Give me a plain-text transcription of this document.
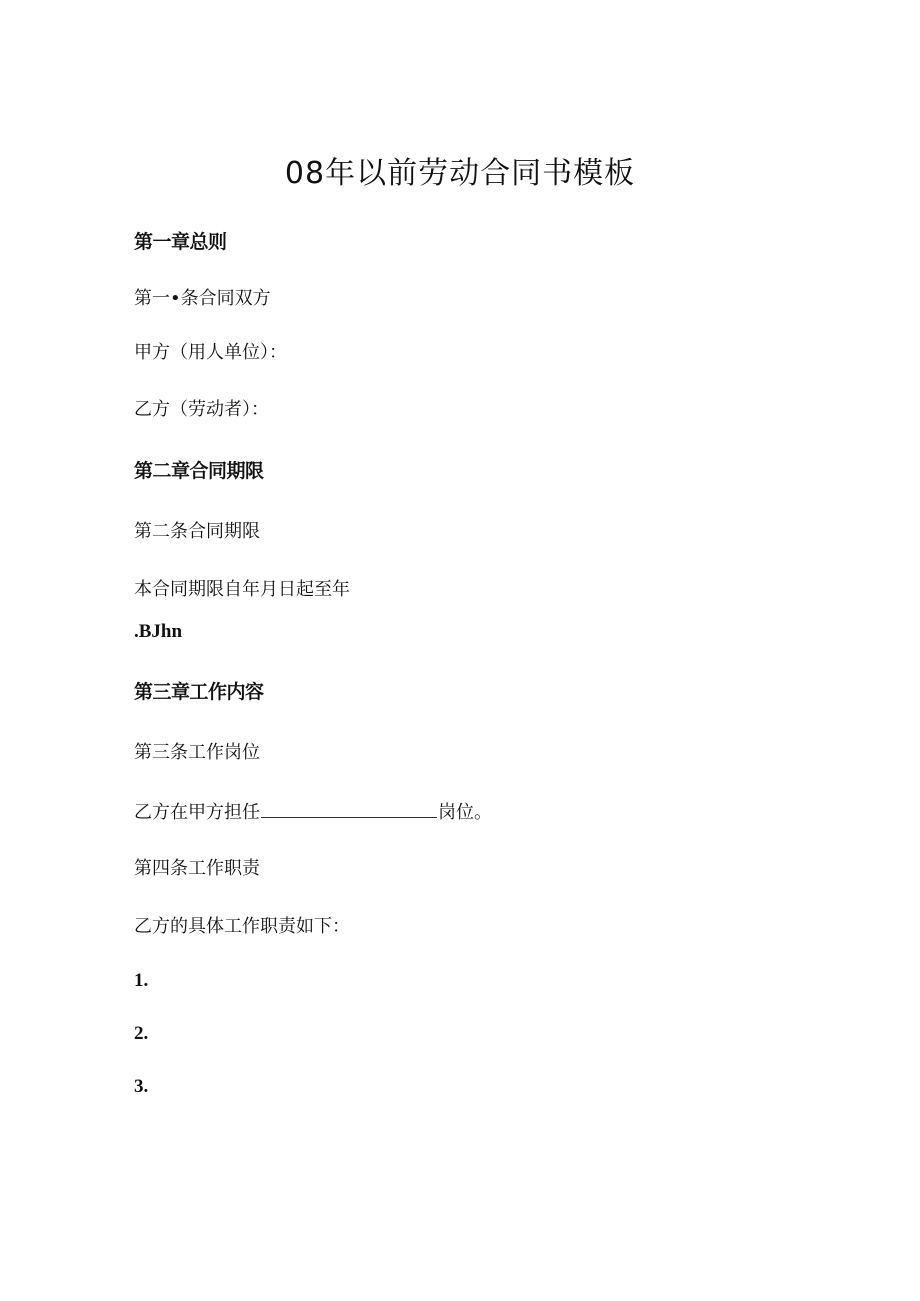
08年以前劳动合同书模板
第一章总则
第一•条合同双方
甲方（用人单位）：
乙方（劳动者）：
第二章合同期限
第二条合同期限
本合同期限自年月日起至年
.BJhn
第三章工作内容
第三条工作岗位
乙方在甲方担任	岗位。
第四条工作职责
乙方的具体工作职责如下：
1.
2.
3.
